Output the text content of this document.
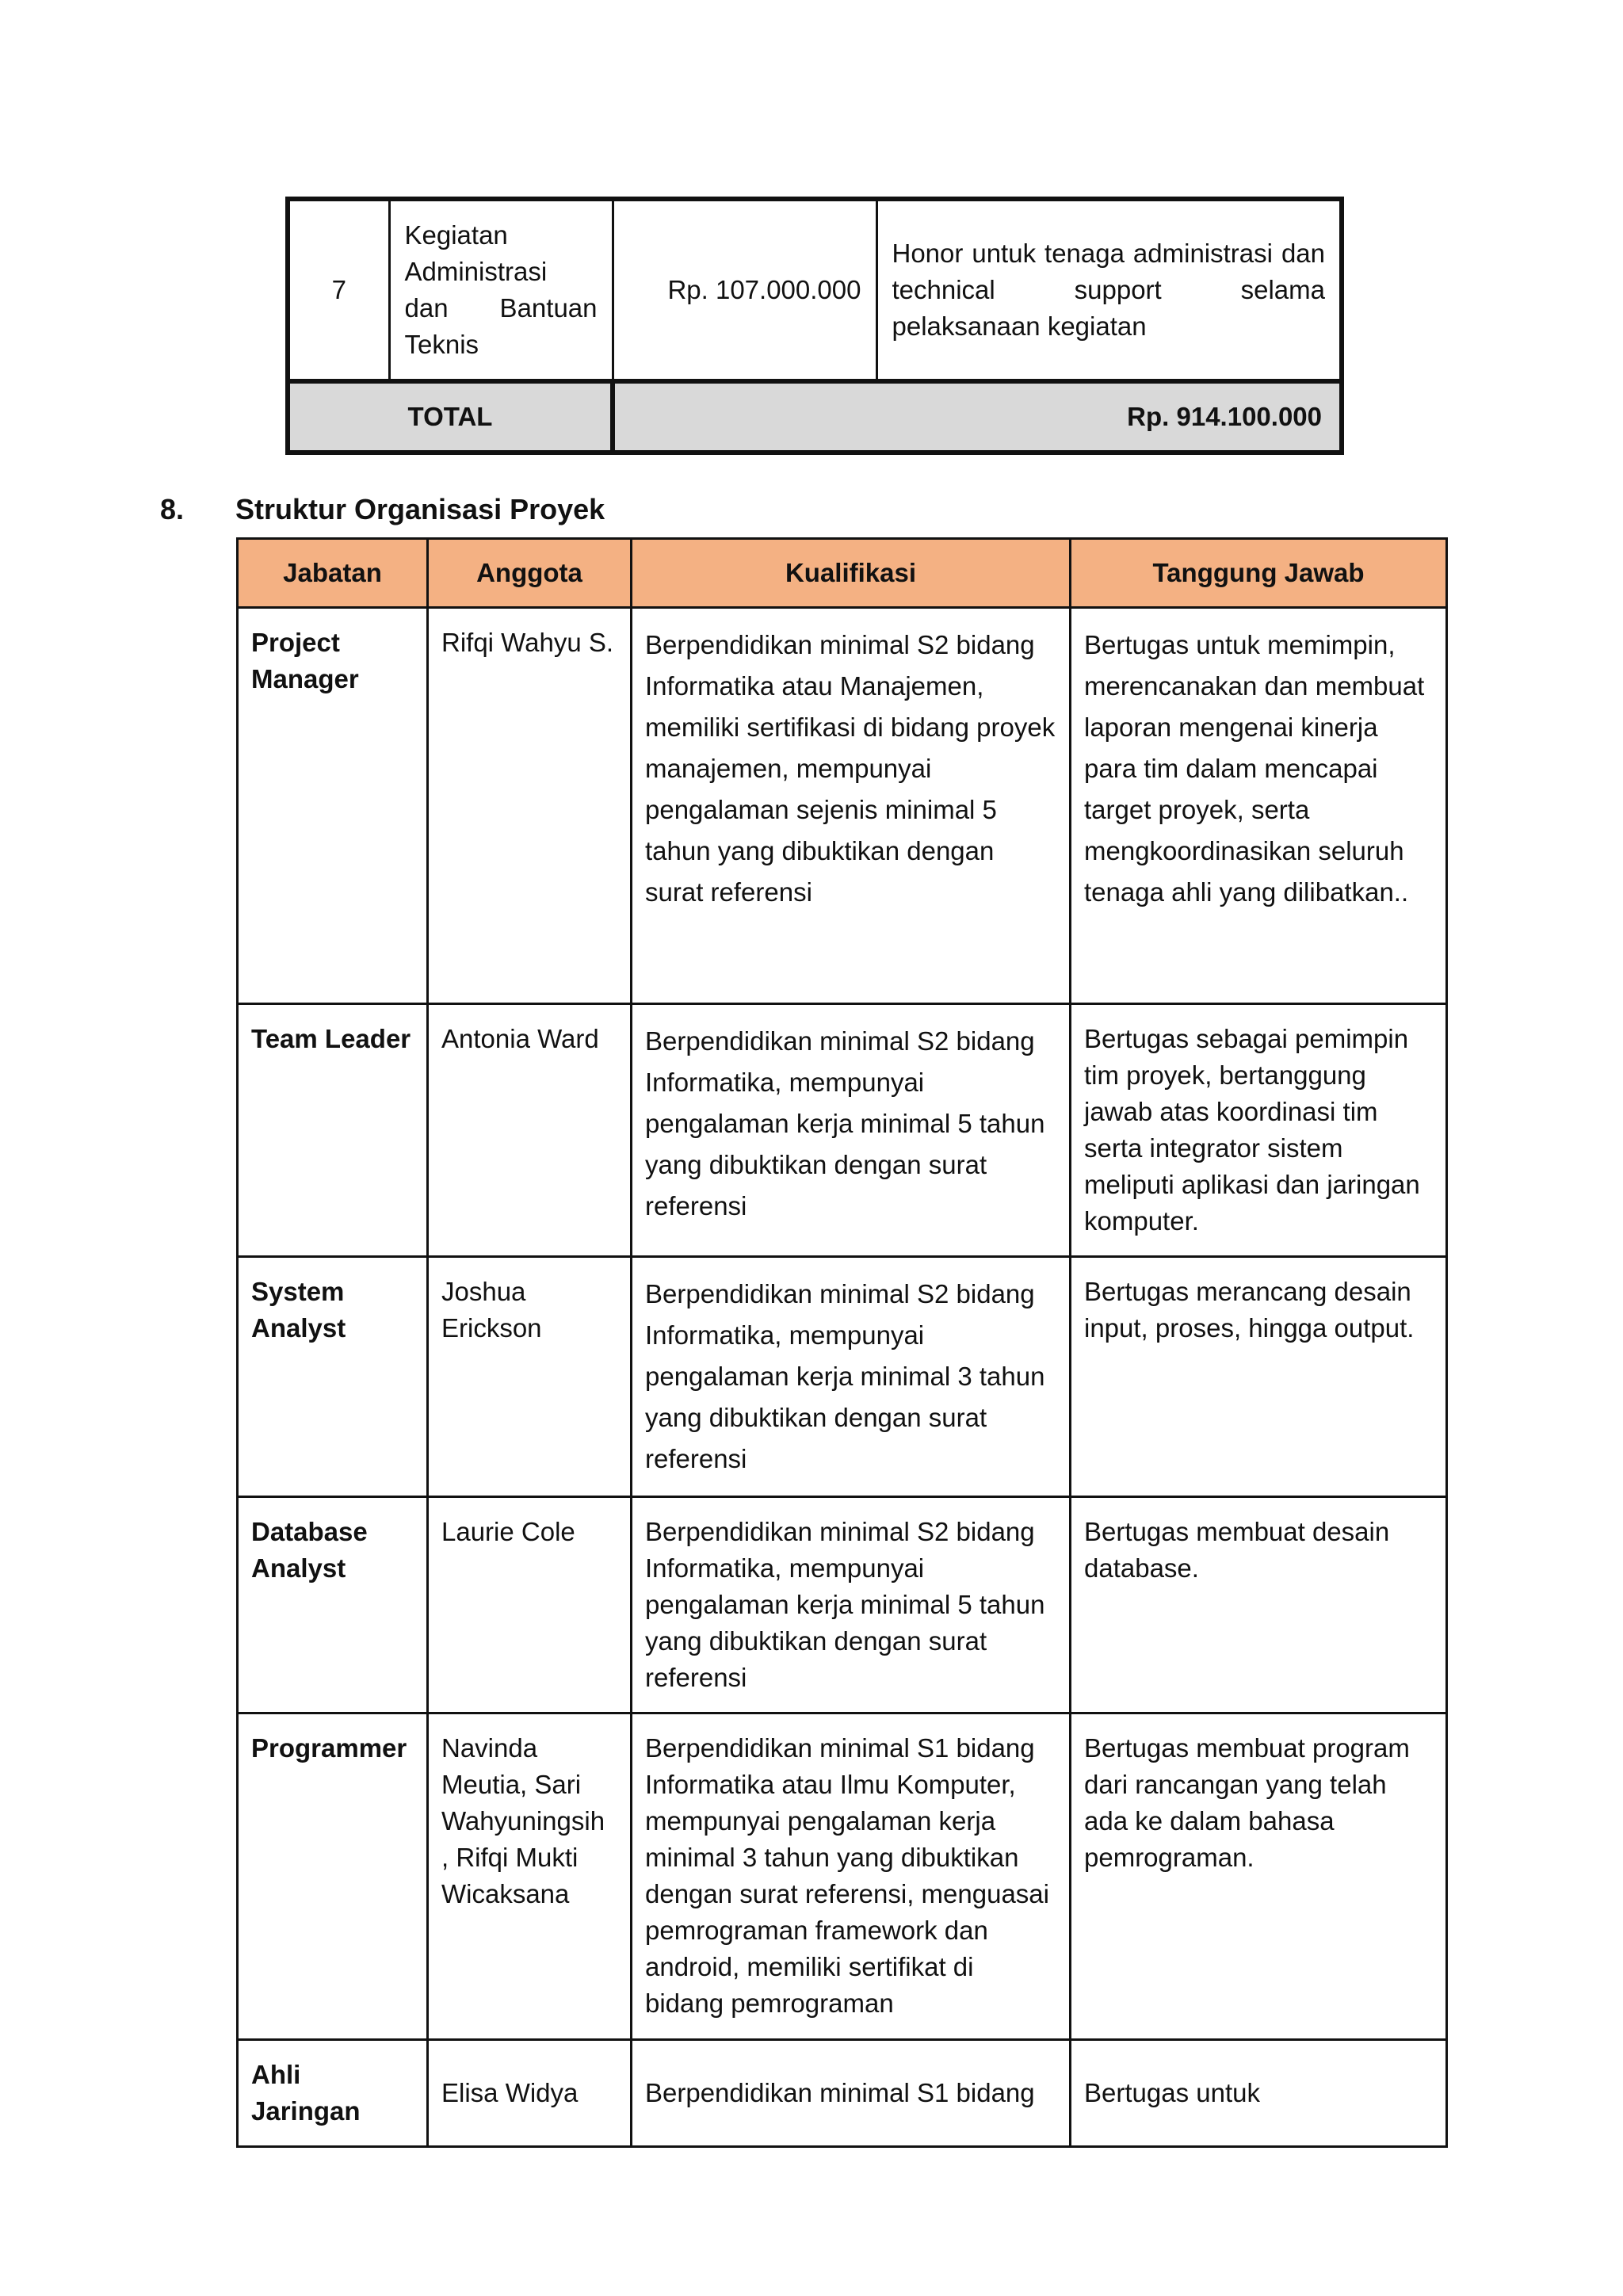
7	Kegiatan Administrasi dan Bantuan Teknis	Rp. 107.000.000	Honor untuk tenaga administrasi dan technical support selama pelaksanaan kegiatan
TOTAL		Rp. 914.100.000	
8.	Struktur Organisasi Proyek
Jabatan	Anggota	Kualifikasi	Tanggung Jawab
Project Manager	Rifqi Wahyu S.	Berpendidikan minimal S2 bidang Informatika atau Manajemen, memiliki sertifikasi di bidang proyek manajemen, mempunyai pengalaman sejenis minimal 5 tahun yang dibuktikan dengan surat referensi	Bertugas untuk memimpin, merencanakan dan membuat laporan mengenai kinerja para tim dalam mencapai target proyek, serta mengkoordinasikan seluruh tenaga ahli yang dilibatkan..
Team Leader	Antonia Ward	Berpendidikan minimal S2 bidang Informatika, mempunyai pengalaman kerja minimal 5 tahun yang dibuktikan dengan surat referensi	Bertugas sebagai pemimpin tim proyek, bertanggung jawab atas koordinasi tim serta integrator sistem meliputi aplikasi dan jaringan komputer.
System Analyst	Joshua Erickson	Berpendidikan minimal S2 bidang Informatika, mempunyai pengalaman kerja minimal 3 tahun yang dibuktikan dengan surat referensi	Bertugas merancang desain input, proses, hingga output.
Database Analyst	Laurie Cole	Berpendidikan minimal S2 bidang Informatika, mempunyai pengalaman kerja minimal 5 tahun yang dibuktikan dengan surat referensi	Bertugas membuat desain database.
Programmer	Navinda Meutia, Sari Wahyuningsih , Rifqi Mukti Wicaksana	Berpendidikan minimal S1 bidang Informatika atau Ilmu Komputer, mempunyai pengalaman kerja minimal 3 tahun yang dibuktikan dengan surat referensi, menguasai pemrograman framework dan android, memiliki sertifikat di bidang pemrograman	Bertugas membuat program dari rancangan yang telah ada ke dalam bahasa pemrograman.
Ahli Jaringan	Elisa Widya	Berpendidikan minimal S1 bidang	Bertugas untuk
